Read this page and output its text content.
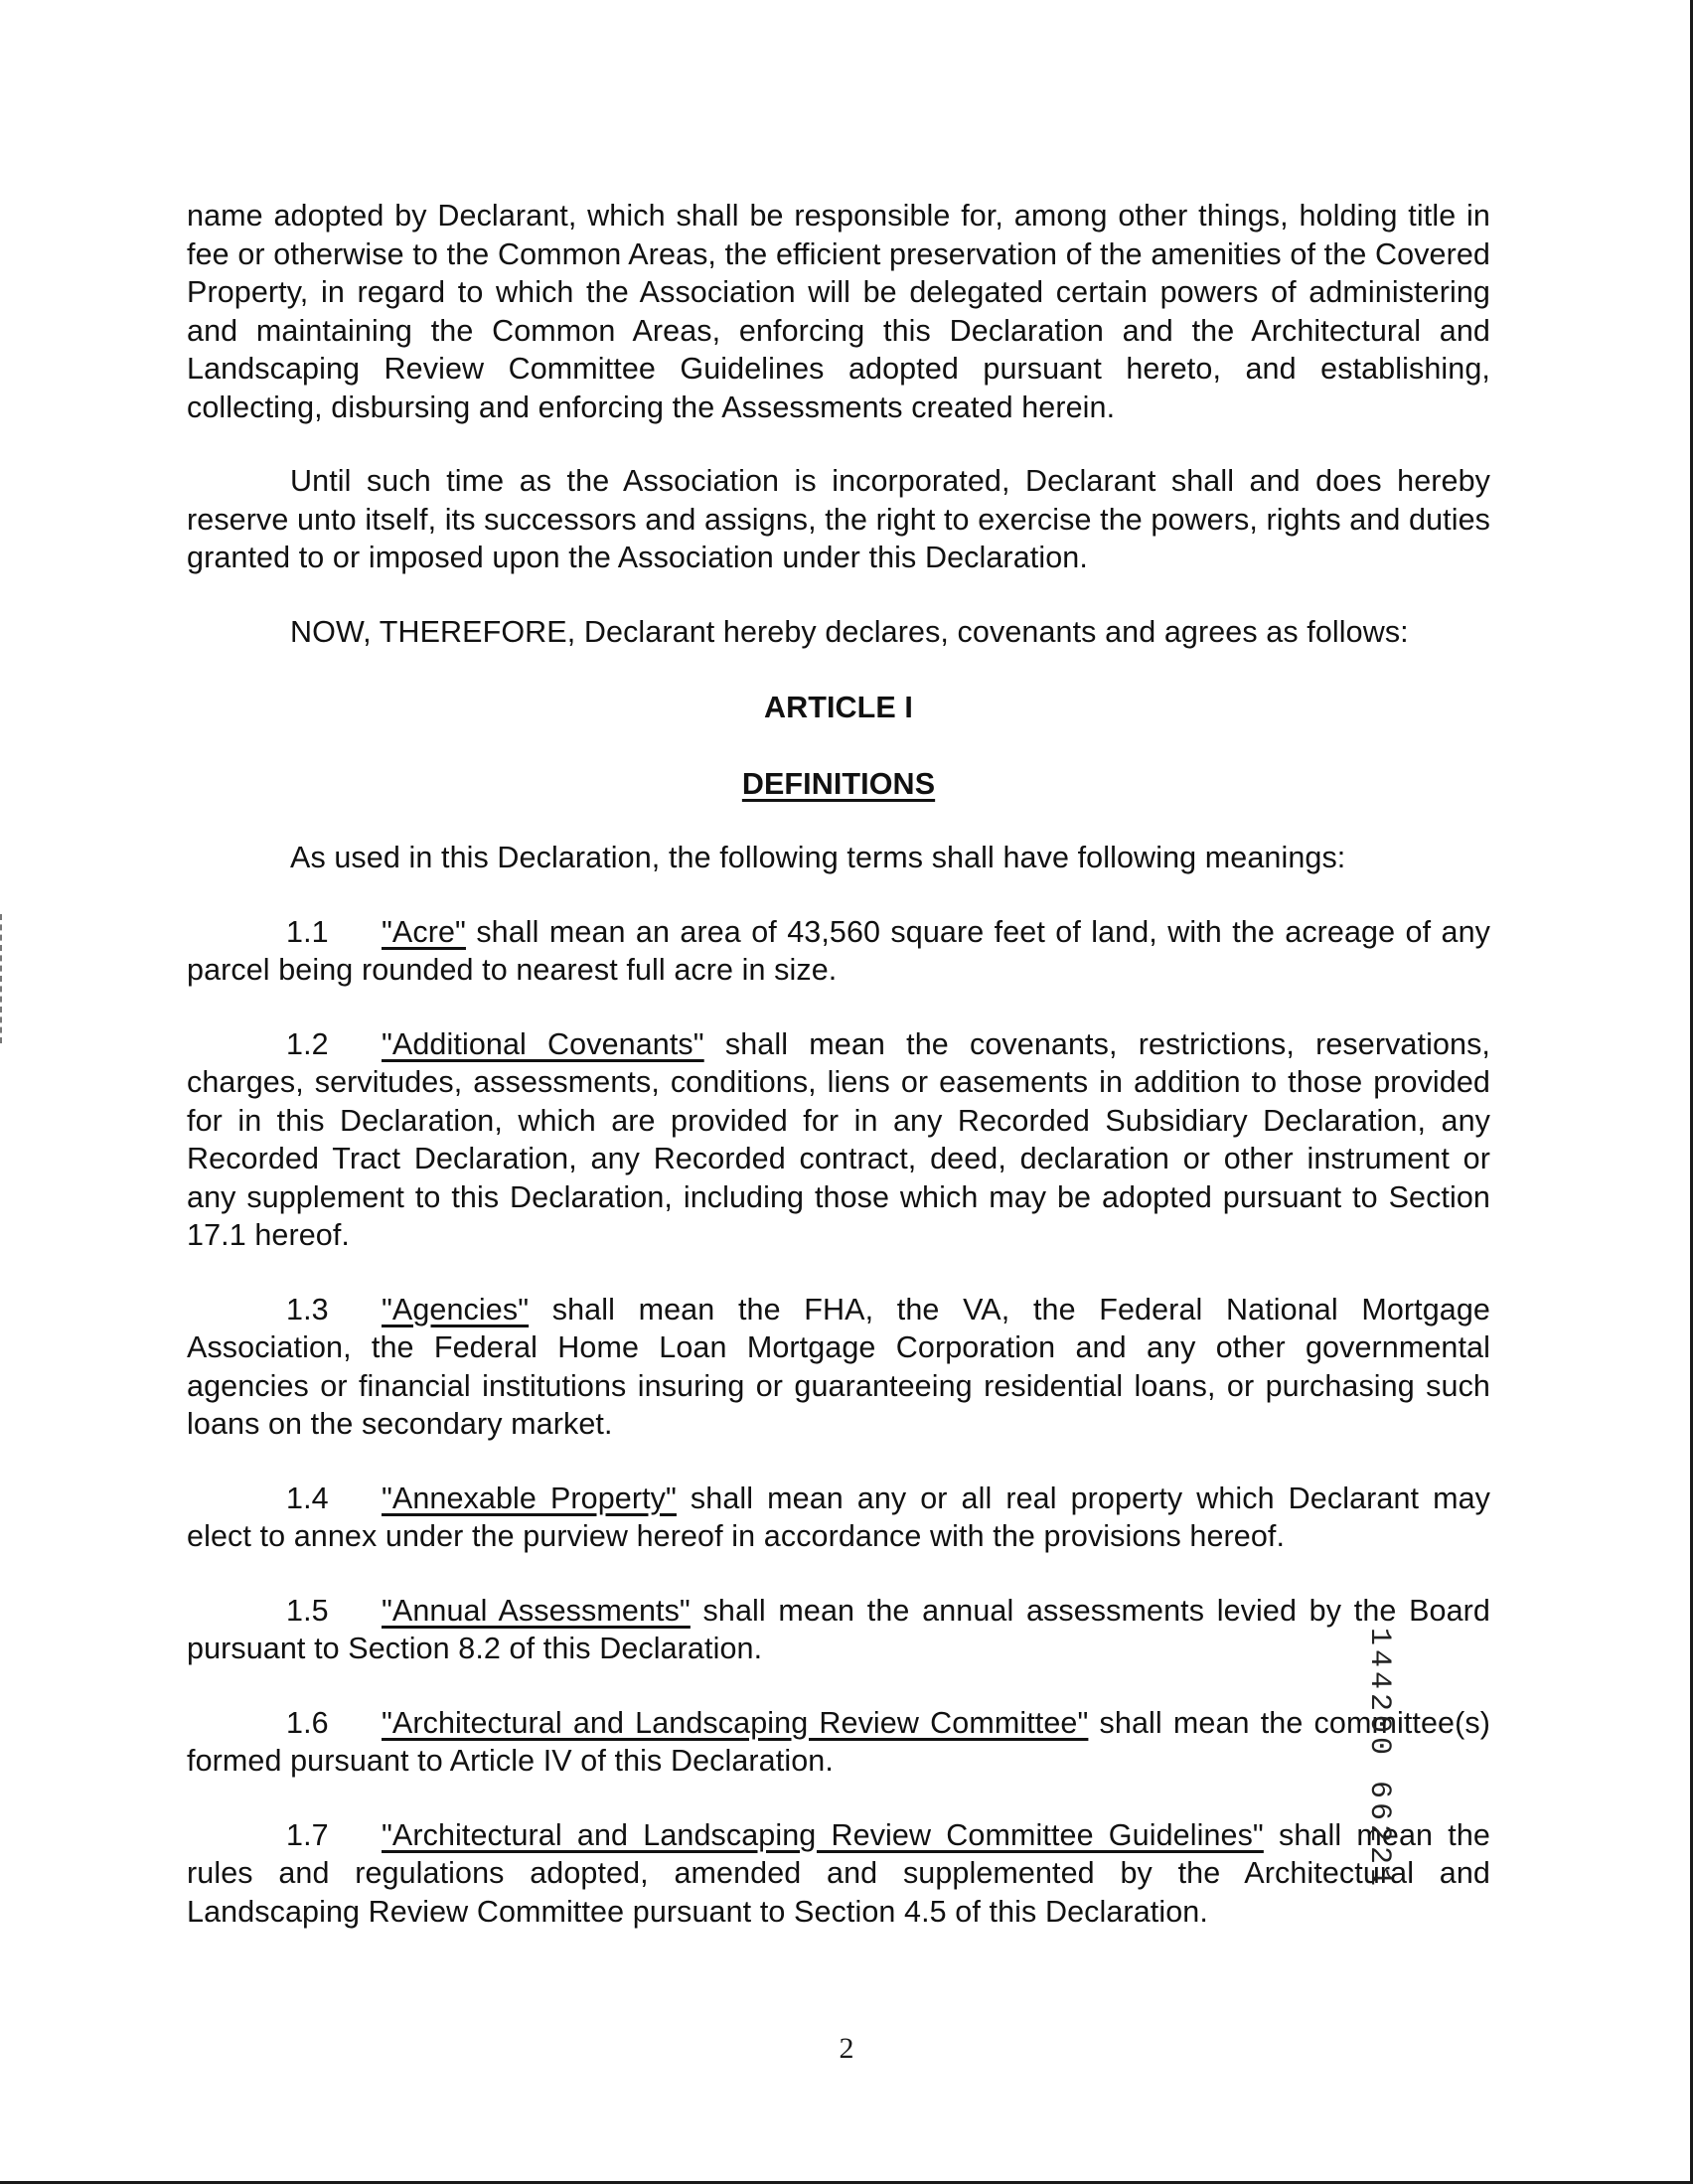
name adopted by Declarant, which shall be responsible for, among other things, holding title in fee or otherwise to the Common Areas, the efficient preservation of the amenities of the Covered Property, in regard to which the Association will be delegated certain powers of administering and maintaining the Common Areas, enforcing this Declaration and the Architectural and Landscaping Review Committee Guidelines adopted pursuant hereto, and establishing, collecting, disbursing and enforcing the Assessments created herein.

Until such time as the Association is incorporated, Declarant shall and does hereby reserve unto itself, its successors and assigns, the right to exercise the powers, rights and duties granted to or imposed upon the Association under this Declaration.

NOW, THEREFORE, Declarant hereby declares, covenants and agrees as follows:

ARTICLE I

DEFINITIONS

As used in this Declaration, the following terms shall have following meanings:

1.1 "Acre" shall mean an area of 43,560 square feet of land, with the acreage of any parcel being rounded to nearest full acre in size.

1.2 "Additional Covenants" shall mean the covenants, restrictions, reservations, charges, servitudes, assessments, conditions, liens or easements in addition to those provided for in this Declaration, which are provided for in any Recorded Subsidiary Declaration, any Recorded Tract Declaration, any Recorded contract, deed, declaration or other instrument or any supplement to this Declaration, including those which may be adopted pursuant to Section 17.1 hereof.

1.3 "Agencies" shall mean the FHA, the VA, the Federal National Mortgage Association, the Federal Home Loan Mortgage Corporation and any other governmental agencies or financial institutions insuring or guaranteeing residential loans, or purchasing such loans on the secondary market.

1.4 "Annexable Property" shall mean any or all real property which Declarant may elect to annex under the purview hereof in accordance with the provisions hereof.

1.5 "Annual Assessments" shall mean the annual assessments levied by the Board pursuant to Section 8.2 of this Declaration.

1.6 "Architectural and Landscaping Review Committee" shall mean the committee(s) formed pursuant to Article IV of this Declaration.

1.7 "Architectural and Landscaping Review Committee Guidelines" shall mean the rules and regulations adopted, amended and supplemented by the Architectural and Landscaping Review Committee pursuant to Section 4.5 of this Declaration.

144200 66221
2
